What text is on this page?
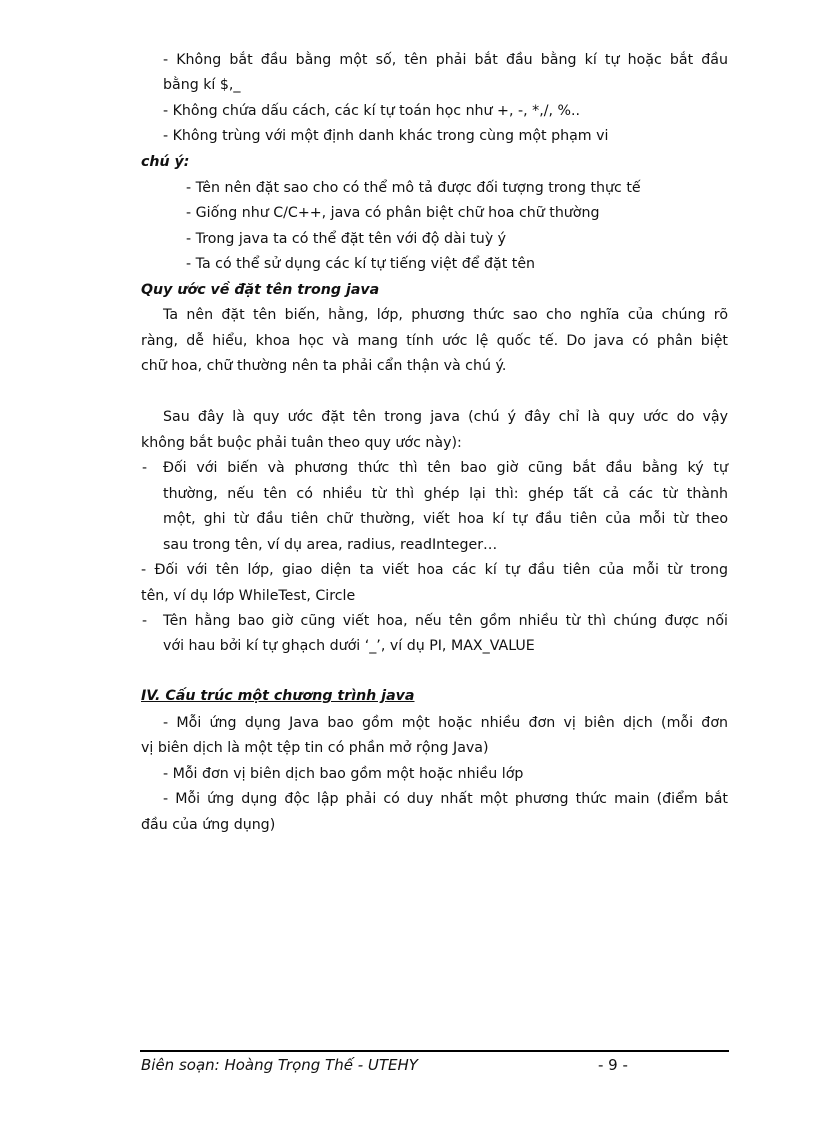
- Không bắt đầu bằng một số, tên phải bắt đầu bằng kí tự hoặc bắt đầu
bằng kí $,_
- Không chứa dấu cách, các kí tự toán học như +, -, *,/, %..
- Không trùng với một định danh khác trong cùng một phạm vi
chú ý:
- Tên nên đặt sao cho có thể mô tả được đối tượng trong thực tế
- Giống như C/C++, java có phân biệt chữ hoa chữ thường
- Trong java ta có thể đặt tên với độ dài tuỳ ý
- Ta có thể sử dụng các kí tự tiếng việt để đặt tên
Quy ước về đặt tên trong java
Ta nên đặt tên biến, hằng, lớp, phương thức sao cho nghĩa của chúng rõ
ràng, dễ hiểu, khoa học và mang tính ước lệ quốc tế. Do java có phân biệt
chữ hoa, chữ thường nên ta phải cẩn thận và chú ý.
Sau đây là quy ước đặt tên trong java (chú ý đây chỉ là quy ước do vậy
không bắt buộc phải tuân theo quy ước này):
- Đối với biến và phương thức thì tên bao giờ cũng bắt đầu bằng ký tự
thường, nếu tên có nhiều từ thì ghép lại thì: ghép tất cả các từ thành
một, ghi từ đầu tiên chữ thường, viết hoa kí tự đầu tiên của mỗi từ theo
sau trong tên, ví dụ area, radius, readInteger…
- Đối với tên lớp, giao diện ta viết hoa các kí tự đầu tiên của mỗi từ trong
tên, ví dụ lớp WhileTest, Circle
- Tên hằng bao giờ cũng viết hoa, nếu tên gồm nhiều từ thì chúng được nối
với hau bởi kí tự ghạch dưới ‘_’, ví dụ PI, MAX_VALUE
IV. Cấu trúc một chương trình java
- Mỗi ứng dụng Java bao gồm một hoặc nhiều đơn vị biên dịch (mỗi đơn
vị biên dịch là một tệp tin có phần mở rộng Java)
- Mỗi đơn vị biên dịch bao gồm một hoặc nhiều lớp
- Mỗi ứng dụng độc lập phải có duy nhất một phương thức main (điểm bắt
đầu của ứng dụng)
Biên soạn: Hoàng Trọng Thế - UTEHY	- 9 -
